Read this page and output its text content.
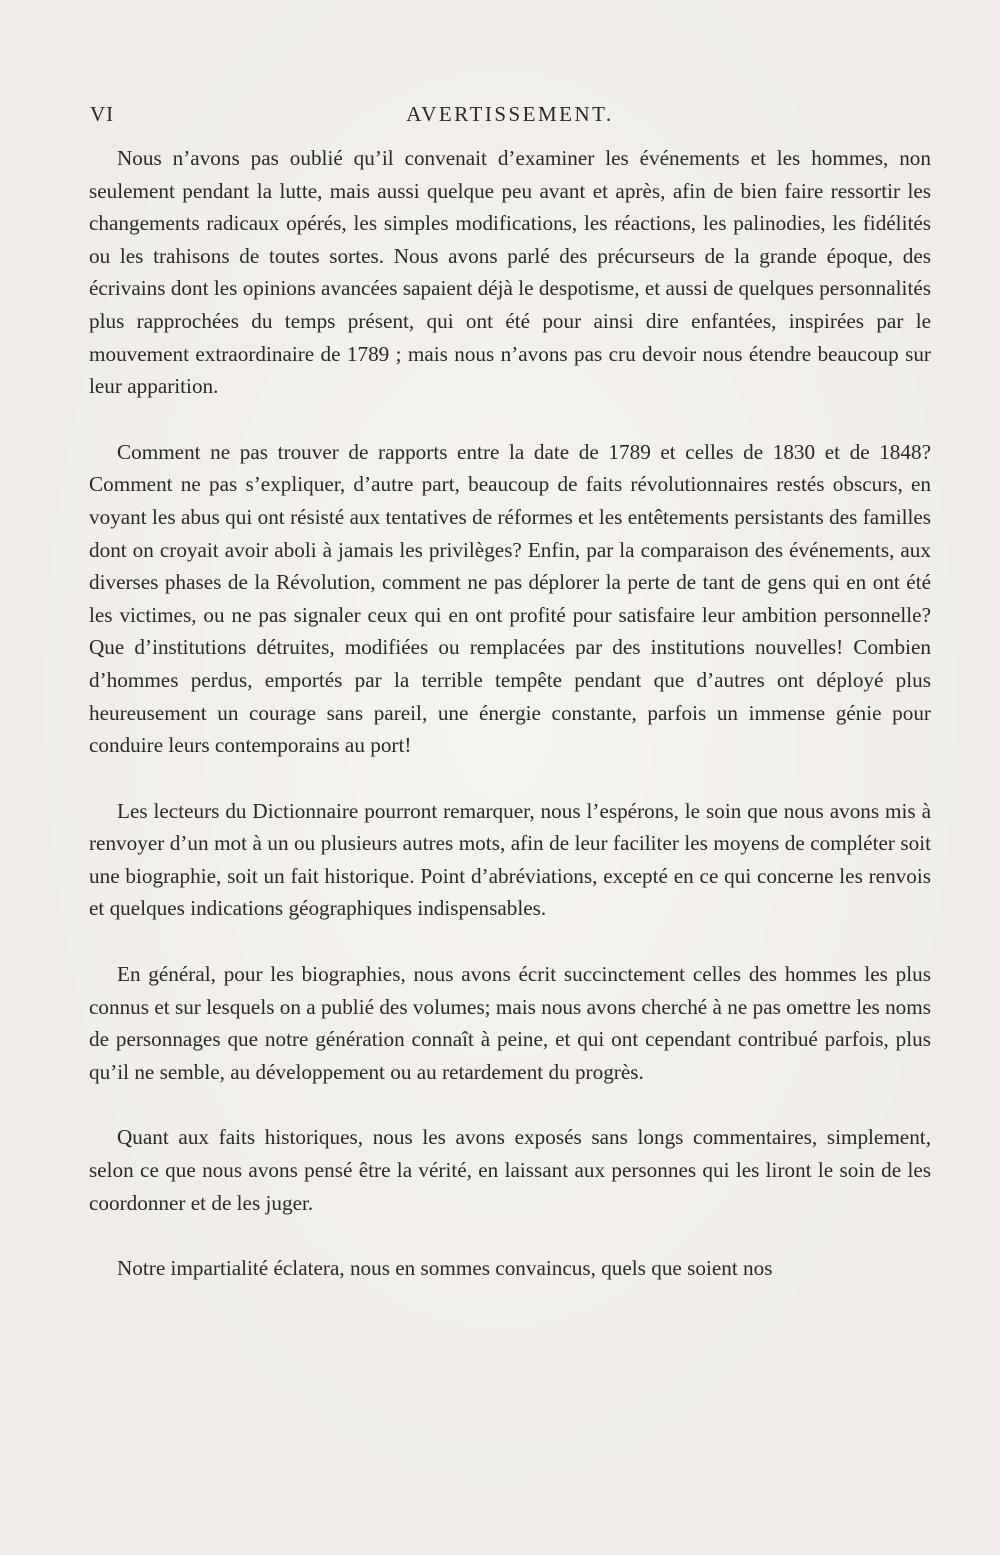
VI	AVERTISSEMENT.

Nous n’avons pas oublié qu’il convenait d’examiner les événements et les hommes, non seulement pendant la lutte, mais aussi quelque peu avant et après, afin de bien faire ressortir les changements radicaux opérés, les simples modifications, les réactions, les palinodies, les fidélités ou les trahisons de toutes sortes. Nous avons parlé des précurseurs de la grande époque, des écrivains dont les opinions avancées sapaient déjà le despotisme, et aussi de quelques personnalités plus rapprochées du temps présent, qui ont été pour ainsi dire enfantées, inspirées par le mouvement extraordinaire de 1789 ; mais nous n’avons pas cru devoir nous étendre beaucoup sur leur apparition.

Comment ne pas trouver de rapports entre la date de 1789 et celles de 1830 et de 1848? Comment ne pas s’expliquer, d’autre part, beaucoup de faits révolutionnaires restés obscurs, en voyant les abus qui ont résisté aux tentatives de réformes et les entêtements persistants des familles dont on croyait avoir aboli à jamais les privilèges? Enfin, par la comparaison des événements, aux diverses phases de la Révolution, comment ne pas déplorer la perte de tant de gens qui en ont été les victimes, ou ne pas signaler ceux qui en ont profité pour satisfaire leur ambition personnelle? Que d’institutions détruites, modifiées ou remplacées par des institutions nouvelles! Combien d’hommes perdus, emportés par la terrible tempête pendant que d’autres ont déployé plus heureusement un courage sans pareil, une énergie constante, parfois un immense génie pour conduire leurs contemporains au port!

Les lecteurs du Dictionnaire pourront remarquer, nous l’espérons, le soin que nous avons mis à renvoyer d’un mot à un ou plusieurs autres mots, afin de leur faciliter les moyens de compléter soit une biographie, soit un fait historique. Point d’abréviations, excepté en ce qui concerne les renvois et quelques indications géographiques indispensables.

En général, pour les biographies, nous avons écrit succinctement celles des hommes les plus connus et sur lesquels on a publié des volumes; mais nous avons cherché à ne pas omettre les noms de personnages que notre génération connaît à peine, et qui ont cependant contribué parfois, plus qu’il ne semble, au développement ou au retardement du progrès.

Quant aux faits historiques, nous les avons exposés sans longs commentaires, simplement, selon ce que nous avons pensé être la vérité, en laissant aux personnes qui les liront le soin de les coordonner et de les juger.

Notre impartialité éclatera, nous en sommes convaincus, quels que soient nos
